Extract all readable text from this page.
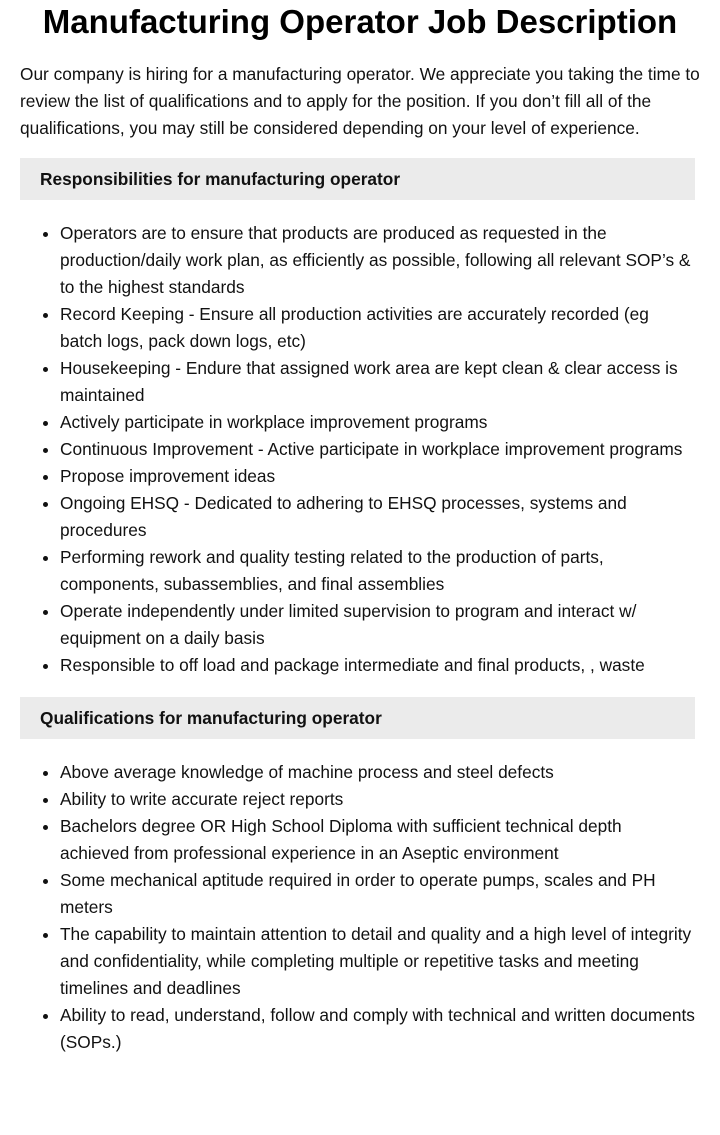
Manufacturing Operator Job Description

Our company is hiring for a manufacturing operator. We appreciate you taking the time to review the list of qualifications and to apply for the position. If you don’t fill all of the qualifications, you may still be considered depending on your level of experience.

Responsibilities for manufacturing operator
• Operators are to ensure that products are produced as requested in the production/daily work plan, as efficiently as possible, following all relevant SOP’s & to the highest standards
• Record Keeping - Ensure all production activities are accurately recorded (eg batch logs, pack down logs, etc)
• Housekeeping - Endure that assigned work area are kept clean & clear access is maintained
• Actively participate in workplace improvement programs
• Continuous Improvement - Active participate in workplace improvement programs
• Propose improvement ideas
• Ongoing EHSQ - Dedicated to adhering to EHSQ processes, systems and procedures
• Performing rework and quality testing related to the production of parts, components, subassemblies, and final assemblies
• Operate independently under limited supervision to program and interact w/ equipment on a daily basis
• Responsible to off load and package intermediate and final products, , waste
Qualifications for manufacturing operator
• Above average knowledge of machine process and steel defects
• Ability to write accurate reject reports
• Bachelors degree OR High School Diploma with sufficient technical depth achieved from professional experience in an Aseptic environment
• Some mechanical aptitude required in order to operate pumps, scales and PH meters
• The capability to maintain attention to detail and quality and a high level of integrity and confidentiality, while completing multiple or repetitive tasks and meeting timelines and deadlines
• Ability to read, understand, follow and comply with technical and written documents (SOPs.)
